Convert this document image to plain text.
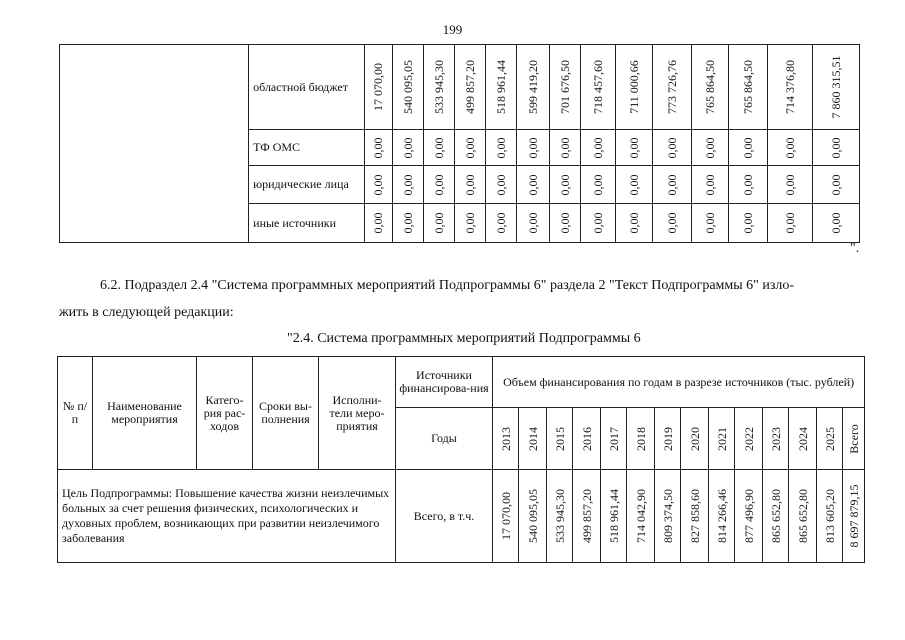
199
	областной бюджет	17 070,00	540 095,05	533 945,30	499 857,20	518 961,44	599 419,20	701 676,50	718 457,60	711 000,66	773 726,76	765 864,50	765 864,50	714 376,80	7 860 315,51

	ТФ ОМС	0,00	0,00	0,00	0,00	0,00	0,00	0,00	0,00	0,00	0,00	0,00	0,00	0,00	0,00

	юридические лица	0,00	0,00	0,00	0,00	0,00	0,00	0,00	0,00	0,00	0,00	0,00	0,00	0,00	0,00

	иные источники	0,00	0,00	0,00	0,00	0,00	0,00	0,00	0,00	0,00	0,00	0,00	0,00	0,00	0,00
".
6.2. Подраздел 2.4 "Система программных мероприятий Подпрограммы 6" раздела 2 "Текст Подпрограммы 6" изло-
жить в следующей редакции:
"2.4. Система программных мероприятий Подпрограммы 6
№ п/п	Наименование мероприятия	Катего-рия рас-ходов	Сроки вы-полнения	Исполни-тели меро-приятия	Источники финансирова-ния	Объем финансирования по годам в разрезе источников (тыс. рублей)													
					Годы	2013	2014	2015	2016	2017	2018	2019	2020	2021	2022	2023	2024	2025	Всего

Цель Подпрограммы: Повышение качества жизни неизлечимых больных за счет решения физических, психологических и духовных проблем, возникающих при развитии неизлечимого заболевания					Всего, в т.ч.	17 070,00	540 095,05	533 945,30	499 857,20	518 961,44	714 042,90	809 374,50	827 858,60	814 266,46	877 496,90	865 652,80	865 652,80	813 605,20	8 697 879,15
